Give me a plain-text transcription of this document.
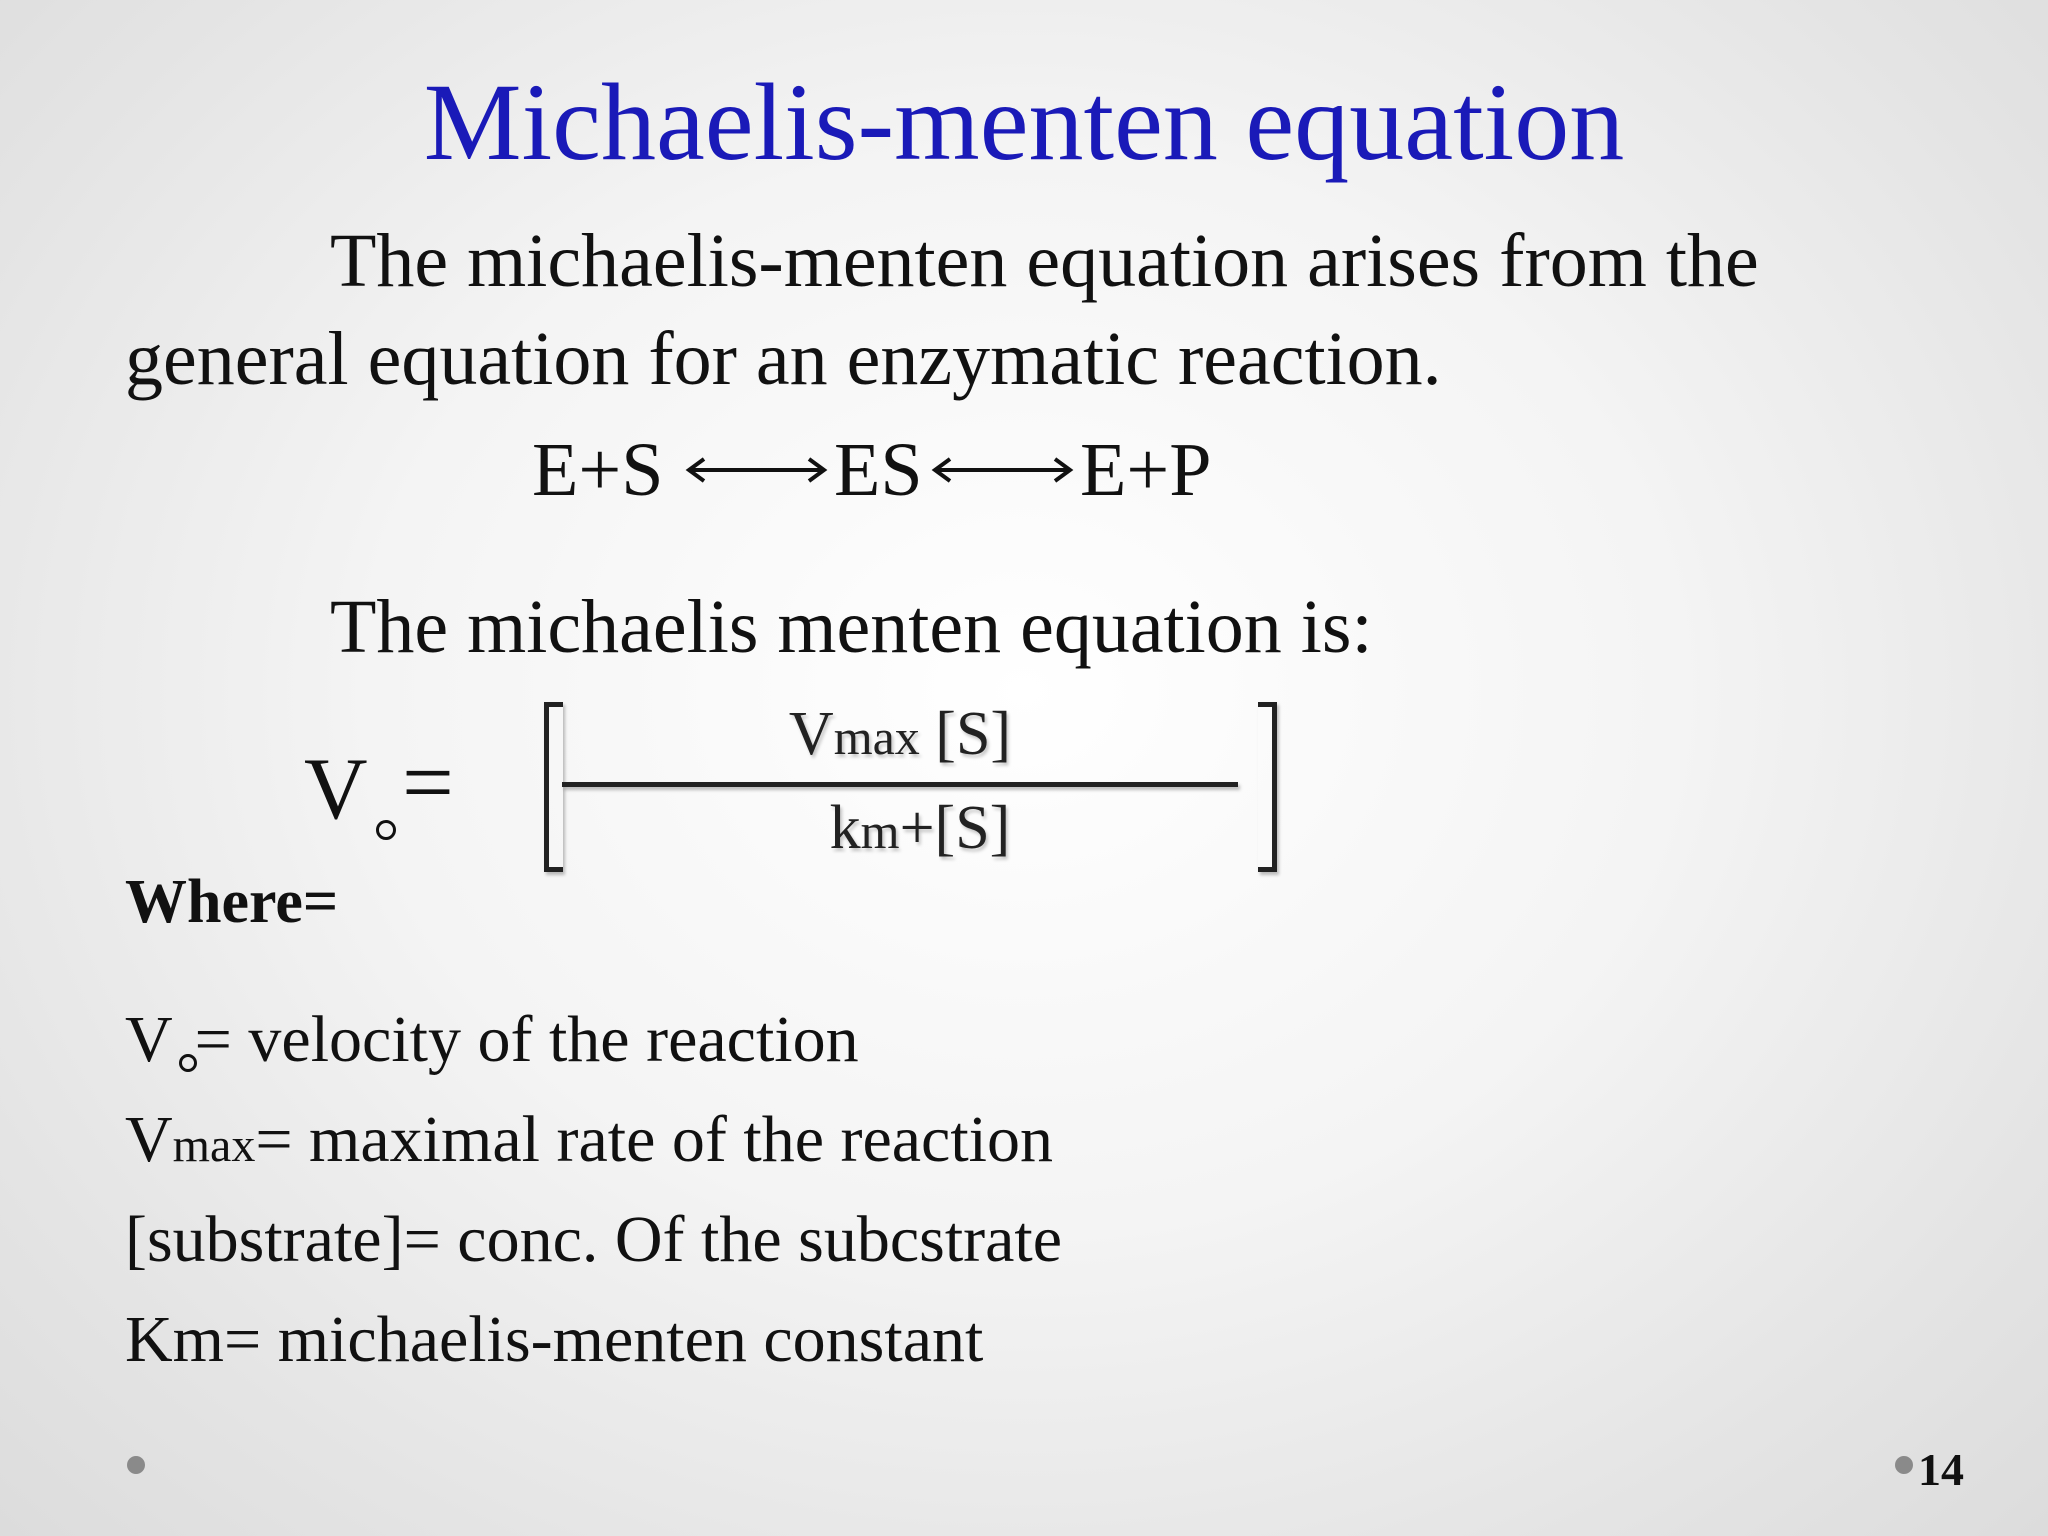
Michaelis-menten equation

The michaelis-menten equation arises from the
general equation for an enzymatic reaction.

E+S ES E+P

The michaelis menten equation is:

V =	Vmax [S]
km+[S]

Where=

V = velocity of the reaction
Vmax= maximal rate of the reaction
[substrate]= conc. Of the subcstrate
Km= michaelis-menten constant
14
